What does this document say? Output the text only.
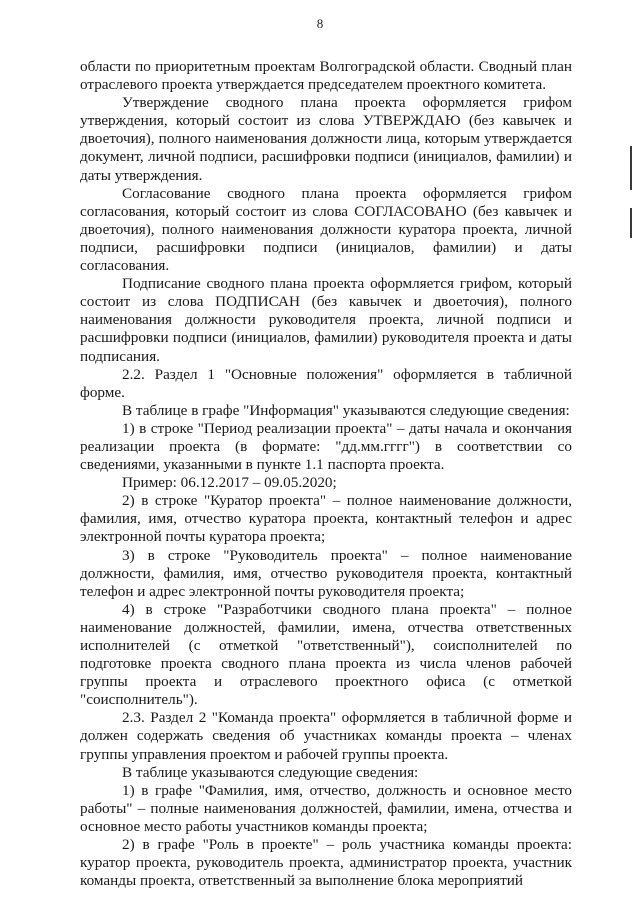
8

области по приоритетным проектам Волгоградской области. Сводный план отраслевого проекта утверждается председателем проектного комитета.

Утверждение сводного плана проекта оформляется грифом утверждения, который состоит из слова УТВЕРЖДАЮ (без кавычек и двоеточия), полного наименования должности лица, которым утверждается документ, личной подписи, расшифровки подписи (инициалов, фамилии) и даты утверждения.

Согласование сводного плана проекта оформляется грифом согласования, который состоит из слова СОГЛАСОВАНО (без кавычек и двоеточия), полного наименования должности куратора проекта, личной подписи, расшифровки подписи (инициалов, фамилии) и даты согласования.

Подписание сводного плана проекта оформляется грифом, который состоит из слова ПОДПИСАН (без кавычек и двоеточия), полного наименования должности руководителя проекта, личной подписи и расшифровки подписи (инициалов, фамилии) руководителя проекта и даты подписания.

2.2. Раздел 1 "Основные положения" оформляется в табличной форме.

В таблице в графе "Информация" указываются следующие сведения:

1) в строке "Период реализации проекта" – даты начала и окончания реализации проекта (в формате: "дд.мм.гггг") в соответствии со сведениями, указанными в пункте 1.1 паспорта проекта.

Пример: 06.12.2017 – 09.05.2020;

2) в строке "Куратор проекта" – полное наименование должности, фамилия, имя, отчество куратора проекта, контактный телефон и адрес электронной почты куратора проекта;

3) в строке "Руководитель проекта" – полное наименование должности, фамилия, имя, отчество руководителя проекта, контактный телефон и адрес электронной почты руководителя проекта;

4) в строке "Разработчики сводного плана проекта" – полное наименование должностей, фамилии, имена, отчества ответственных исполнителей (с отметкой "ответственный"), соисполнителей по подготовке проекта сводного плана проекта из числа членов рабочей группы проекта и отраслевого проектного офиса (с отметкой "соисполнитель").

2.3. Раздел 2 "Команда проекта" оформляется в табличной форме и должен содержать сведения об участниках команды проекта – членах группы управления проектом и рабочей группы проекта.

В таблице указываются следующие сведения:

1) в графе "Фамилия, имя, отчество, должность и основное место работы" – полные наименования должностей, фамилии, имена, отчества и основное место работы участников команды проекта;

2) в графе "Роль в проекте" – роль участника команды проекта: куратор проекта, руководитель проекта, администратор проекта, участник команды проекта, ответственный за выполнение блока мероприятий
